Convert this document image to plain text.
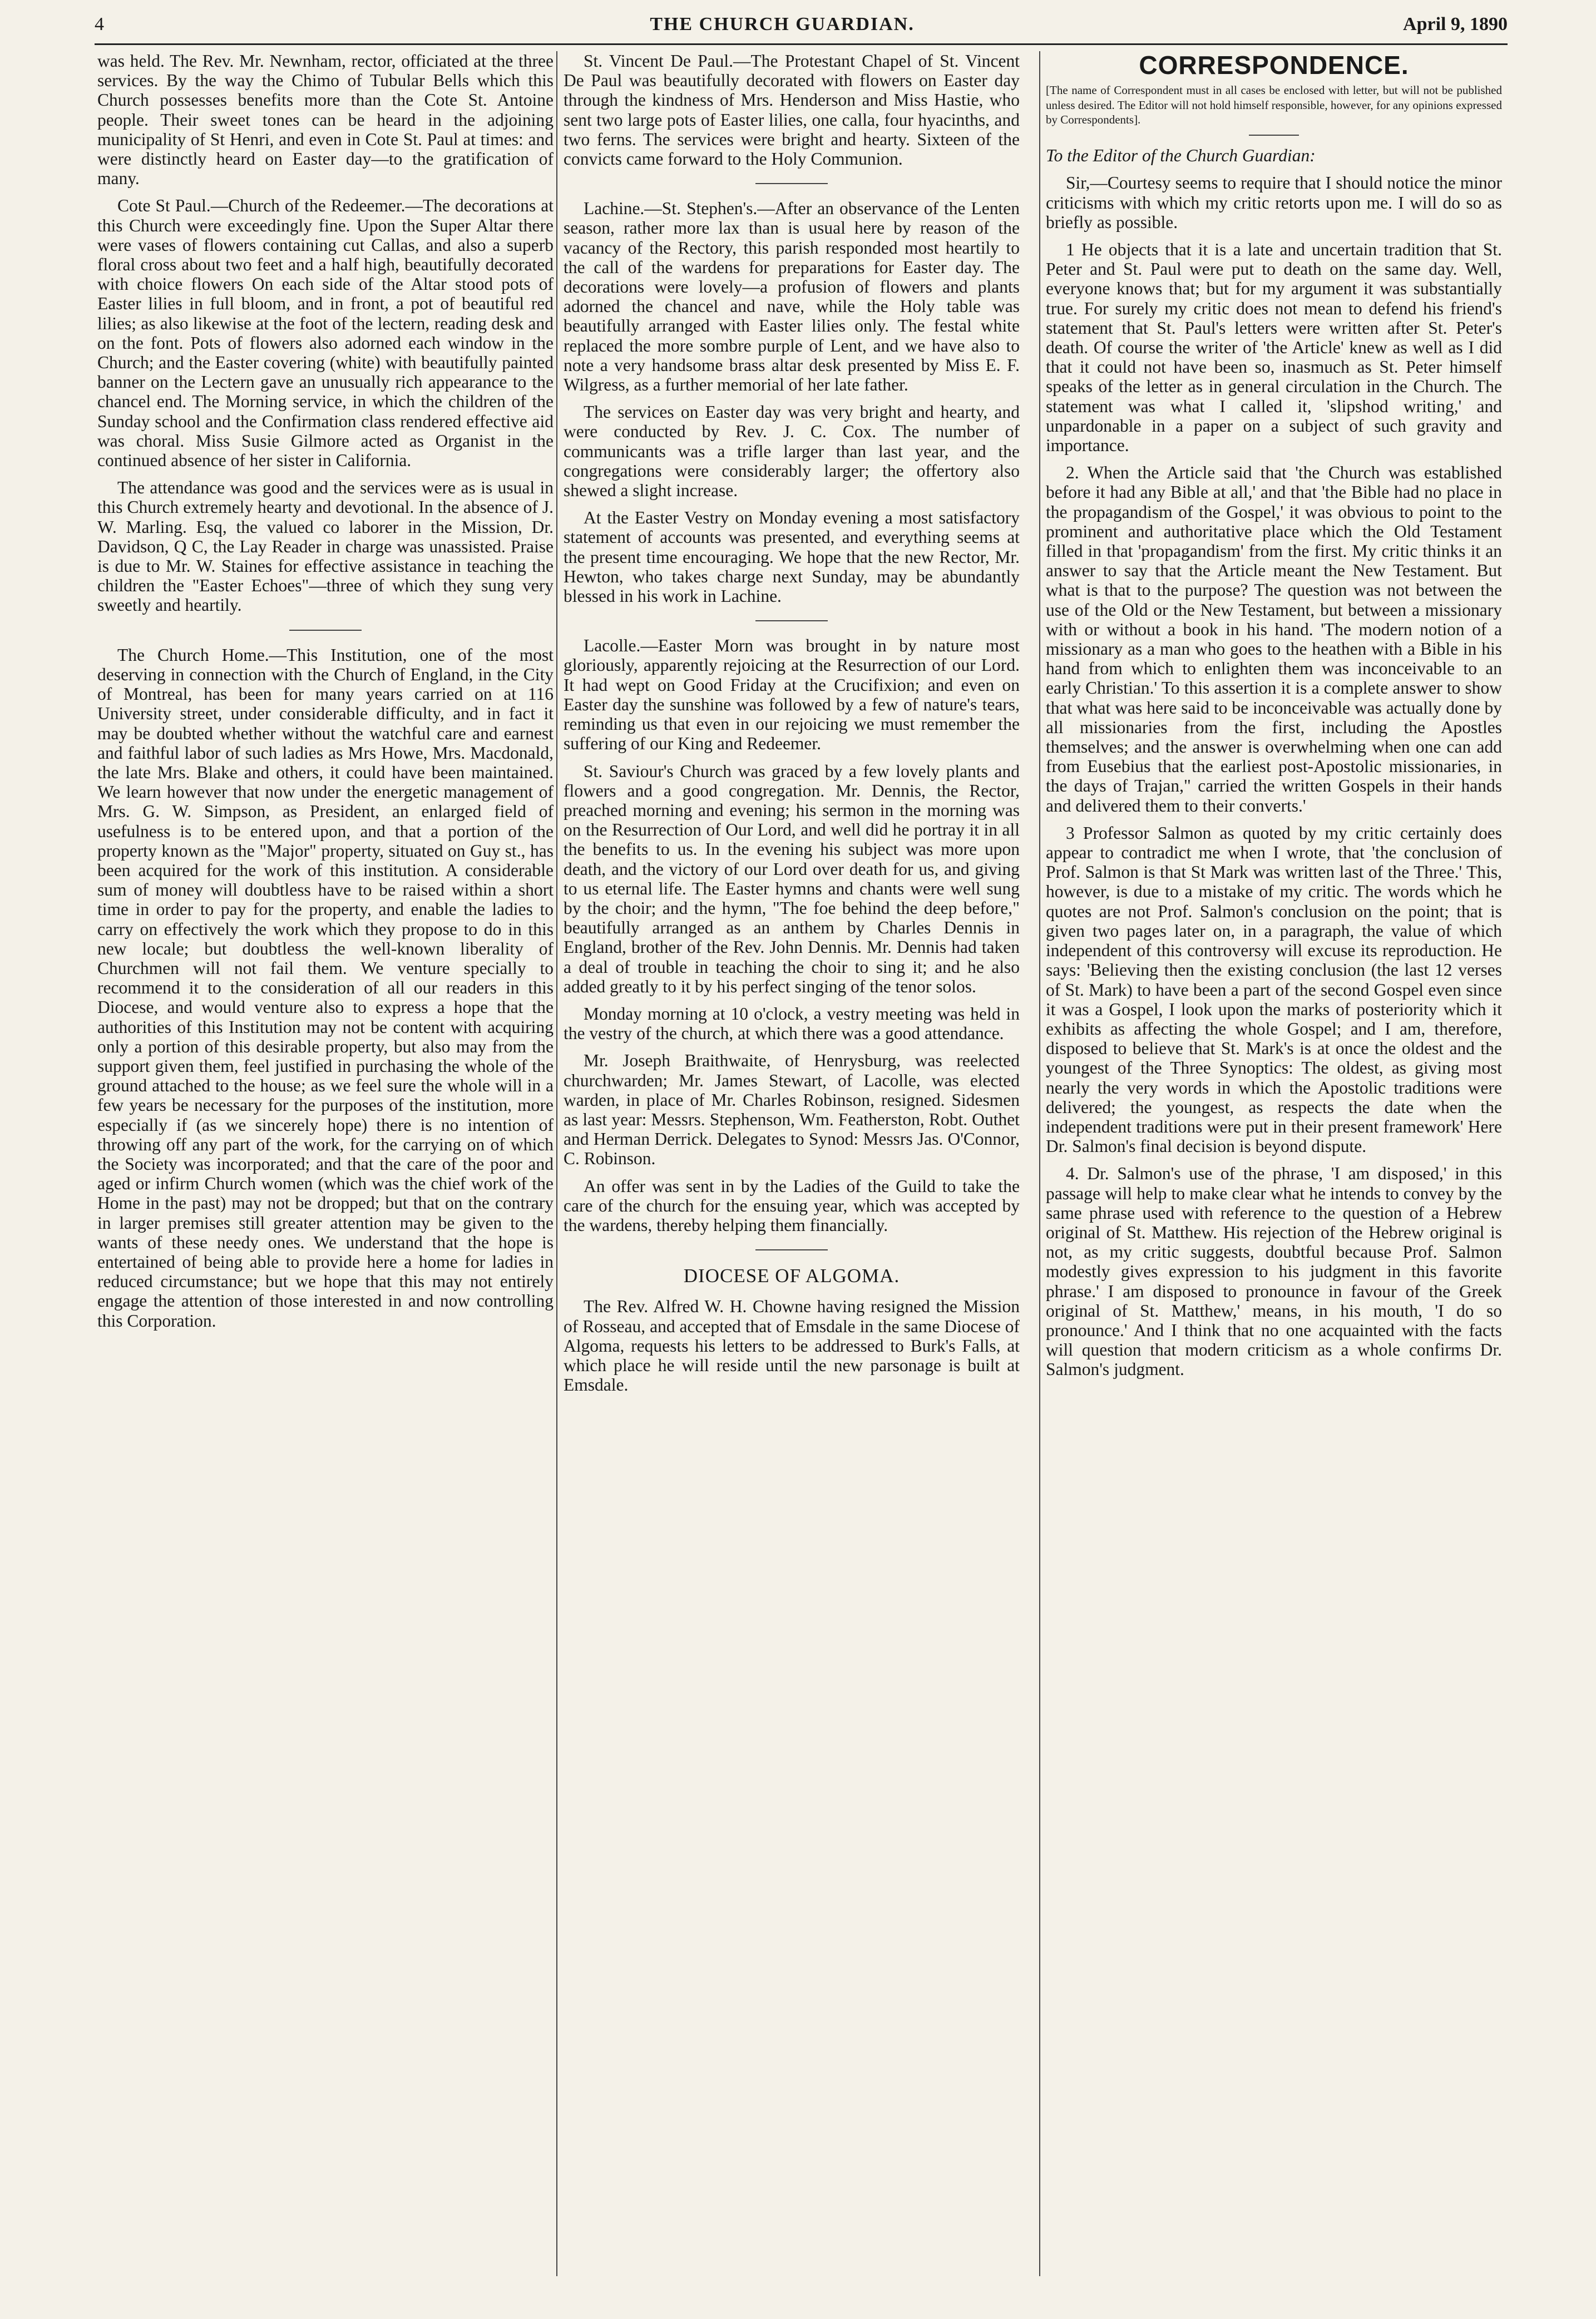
4	THE CHURCH GUARDIAN.	April 9, 1890

was held. The Rev. Mr. Newnham, rector, officiated at the three services. By the way the Chimo of Tubular Bells which this Church possesses benefits more than the Cote St. Antoine people. Their sweet tones can be heard in the adjoining municipality of St Henri, and even in Cote St. Paul at times: and were distinctly heard on Easter day—to the gratification of many.

Cote St Paul.—Church of the Redeemer.—The decorations at this Church were exceedingly fine. Upon the Super Altar there were vases of flowers containing cut Callas, and also a superb floral cross about two feet and a half high, beautifully decorated with choice flowers On each side of the Altar stood pots of Easter lilies in full bloom, and in front, a pot of beautiful red lilies; as also likewise at the foot of the lectern, reading desk and on the font. Pots of flowers also adorned each window in the Church; and the Easter covering (white) with beautifully painted banner on the Lectern gave an unusually rich appearance to the chancel end. The Morning service, in which the children of the Sunday school and the Confirmation class rendered effective aid was choral. Miss Susie Gilmore acted as Organist in the continued absence of her sister in California.

The attendance was good and the services were as is usual in this Church extremely hearty and devotional. In the absence of J. W. Marling. Esq, the valued co laborer in the Mission, Dr. Davidson, Q C, the Lay Reader in charge was unassisted. Praise is due to Mr. W. Staines for effective assistance in teaching the children the "Easter Echoes"—three of which they sung very sweetly and heartily.

The Church Home.—This Institution, one of the most deserving in connection with the Church of England, in the City of Montreal, has been for many years carried on at 116 University street, under considerable difficulty, and in fact it may be doubted whether without the watchful care and earnest and faithful labor of such ladies as Mrs Howe, Mrs. Macdonald, the late Mrs. Blake and others, it could have been maintained. We learn however that now under the energetic management of Mrs. G. W. Simpson, as President, an enlarged field of usefulness is to be entered upon, and that a portion of the property known as the "Major" property, situated on Guy st., has been acquired for the work of this institution. A considerable sum of money will doubtless have to be raised within a short time in order to pay for the property, and enable the ladies to carry on effectively the work which they propose to do in this new locale; but doubtless the well-known liberality of Churchmen will not fail them. We venture specially to recommend it to the consideration of all our readers in this Diocese, and would venture also to express a hope that the authorities of this Institution may not be content with acquiring only a portion of this desirable property, but also may from the support given them, feel justified in purchasing the whole of the ground attached to the house; as we feel sure the whole will in a few years be necessary for the purposes of the institution, more especially if (as we sincerely hope) there is no intention of throwing off any part of the work, for the carrying on of which the Society was incorporated; and that the care of the poor and aged or infirm Church women (which was the chief work of the Home in the past) may not be dropped; but that on the contrary in larger premises still greater attention may be given to the wants of these needy ones. We understand that the hope is entertained of being able to provide here a home for ladies in reduced circumstance; but we hope that this may not entirely engage the attention of those interested in and now controlling this Corporation.

St. Vincent De Paul.—The Protestant Chapel of St. Vincent De Paul was beautifully decorated with flowers on Easter day through the kindness of Mrs. Henderson and Miss Hastie, who sent two large pots of Easter lilies, one calla, four hyacinths, and two ferns. The services were bright and hearty. Sixteen of the convicts came forward to the Holy Communion.

Lachine.—St. Stephen's.—After an observance of the Lenten season, rather more lax than is usual here by reason of the vacancy of the Rectory, this parish responded most heartily to the call of the wardens for preparations for Easter day. The decorations were lovely—a profusion of flowers and plants adorned the chancel and nave, while the Holy table was beautifully arranged with Easter lilies only. The festal white replaced the more sombre purple of Lent, and we have also to note a very handsome brass altar desk presented by Miss E. F. Wilgress, as a further memorial of her late father.

The services on Easter day was very bright and hearty, and were conducted by Rev. J. C. Cox. The number of communicants was a trifle larger than last year, and the congregations were considerably larger; the offertory also shewed a slight increase.

At the Easter Vestry on Monday evening a most satisfactory statement of accounts was presented, and everything seems at the present time encouraging. We hope that the new Rector, Mr. Hewton, who takes charge next Sunday, may be abundantly blessed in his work in Lachine.

Lacolle.—Easter Morn was brought in by nature most gloriously, apparently rejoicing at the Resurrection of our Lord. It had wept on Good Friday at the Crucifixion; and even on Easter day the sunshine was followed by a few of nature's tears, reminding us that even in our rejoicing we must remember the suffering of our King and Redeemer.

St. Saviour's Church was graced by a few lovely plants and flowers and a good congregation. Mr. Dennis, the Rector, preached morning and evening; his sermon in the morning was on the Resurrection of Our Lord, and well did he portray it in all the benefits to us. In the evening his subject was more upon death, and the victory of our Lord over death for us, and giving to us eternal life. The Easter hymns and chants were well sung by the choir; and the hymn, "The foe behind the deep before," beautifully arranged as an anthem by Charles Dennis in England, brother of the Rev. John Dennis. Mr. Dennis had taken a deal of trouble in teaching the choir to sing it; and he also added greatly to it by his perfect singing of the tenor solos.

Monday morning at 10 o'clock, a vestry meeting was held in the vestry of the church, at which there was a good attendance.

Mr. Joseph Braithwaite, of Henrysburg, was reelected churchwarden; Mr. James Stewart, of Lacolle, was elected warden, in place of Mr. Charles Robinson, resigned. Sidesmen as last year: Messrs. Stephenson, Wm. Featherston, Robt. Outhet and Herman Derrick. Delegates to Synod: Messrs Jas. O'Connor, C. Robinson.

An offer was sent in by the Ladies of the Guild to take the care of the church for the ensuing year, which was accepted by the wardens, thereby helping them financially.

DIOCESE OF ALGOMA.

The Rev. Alfred W. H. Chowne having resigned the Mission of Rosseau, and accepted that of Emsdale in the same Diocese of Algoma, requests his letters to be addressed to Burk's Falls, at which place he will reside until the new parsonage is built at Emsdale.

CORRESPONDENCE.
[The name of Correspondent must in all cases be enclosed with letter, but will not be published unless desired. The Editor will not hold himself responsible, however, for any opinions expressed by Correspondents].

To the Editor of the Church Guardian:

Sir,—Courtesy seems to require that I should notice the minor criticisms with which my critic retorts upon me. I will do so as briefly as possible.

1 He objects that it is a late and uncertain tradition that St. Peter and St. Paul were put to death on the same day. Well, everyone knows that; but for my argument it was substantially true. For surely my critic does not mean to defend his friend's statement that St. Paul's letters were written after St. Peter's death. Of course the writer of 'the Article' knew as well as I did that it could not have been so, inasmuch as St. Peter himself speaks of the letter as in general circulation in the Church. The statement was what I called it, 'slipshod writing,' and unpardonable in a paper on a subject of such gravity and importance.

2. When the Article said that 'the Church was established before it had any Bible at all,' and that 'the Bible had no place in the propagandism of the Gospel,' it was obvious to point to the prominent and authoritative place which the Old Testament filled in that 'propagandism' from the first. My critic thinks it an answer to say that the Article meant the New Testament. But what is that to the purpose? The question was not between the use of the Old or the New Testament, but between a missionary with or without a book in his hand. 'The modern notion of a missionary as a man who goes to the heathen with a Bible in his hand from which to enlighten them was inconceivable to an early Christian.' To this assertion it is a complete answer to show that what was here said to be inconceivable was actually done by all missionaries from the first, including the Apostles themselves; and the answer is overwhelming when one can add from Eusebius that the earliest post-Apostolic missionaries, in the days of Trajan," carried the written Gospels in their hands and delivered them to their converts.'

3 Professor Salmon as quoted by my critic certainly does appear to contradict me when I wrote, that 'the conclusion of Prof. Salmon is that St Mark was written last of the Three.' This, however, is due to a mistake of my critic. The words which he quotes are not Prof. Salmon's conclusion on the point; that is given two pages later on, in a paragraph, the value of which independent of this controversy will excuse its reproduction. He says: 'Believing then the existing conclusion (the last 12 verses of St. Mark) to have been a part of the second Gospel even since it was a Gospel, I look upon the marks of posteriority which it exhibits as affecting the whole Gospel; and I am, therefore, disposed to believe that St. Mark's is at once the oldest and the youngest of the Three Synoptics: The oldest, as giving most nearly the very words in which the Apostolic traditions were delivered; the youngest, as respects the date when the independent traditions were put in their present framework' Here Dr. Salmon's final decision is beyond dispute.

4. Dr. Salmon's use of the phrase, 'I am disposed,' in this passage will help to make clear what he intends to convey by the same phrase used with reference to the question of a Hebrew original of St. Matthew. His rejection of the Hebrew original is not, as my critic suggests, doubtful because Prof. Salmon modestly gives expression to his judgment in this favorite phrase.' I am disposed to pronounce in favour of the Greek original of St. Matthew,' means, in his mouth, 'I do so pronounce.' And I think that no one acquainted with the facts will question that modern criticism as a whole confirms Dr. Salmon's judgment.
